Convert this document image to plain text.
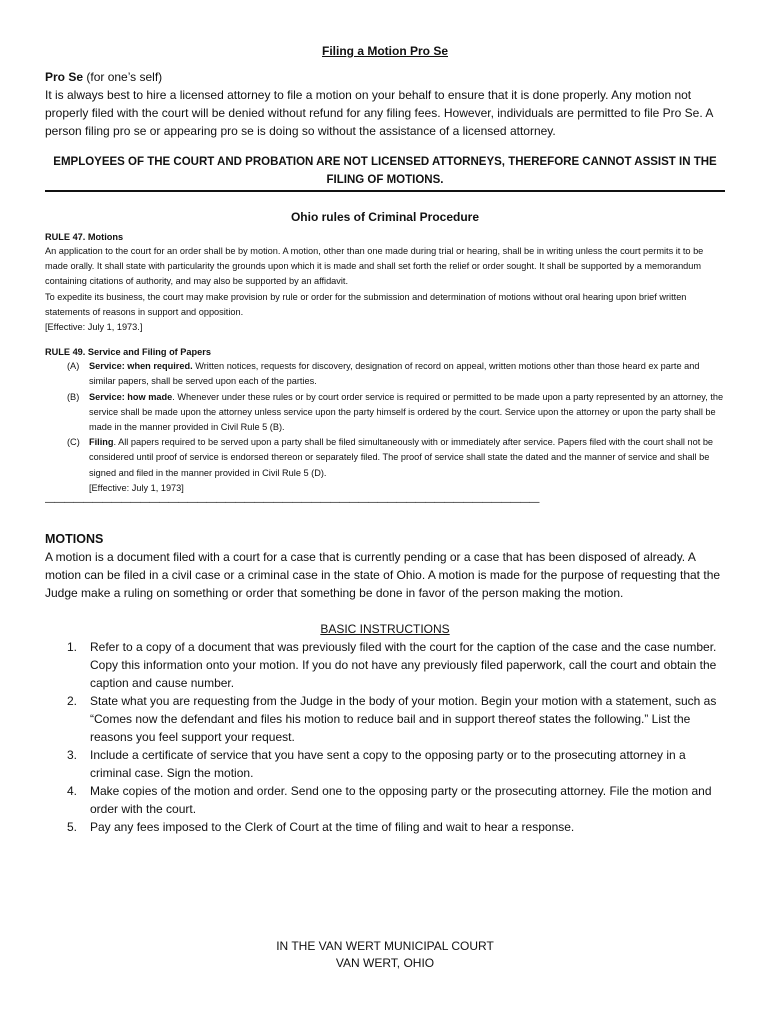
Filing a Motion Pro Se
Pro Se (for one’s self)
It is always best to hire a licensed attorney to file a motion on your behalf to ensure that it is done properly. Any motion not properly filed with the court will be denied without refund for any filing fees. However, individuals are permitted to file Pro Se. A person filing pro se or appearing pro se is doing so without the assistance of a licensed attorney.
EMPLOYEES OF THE COURT AND PROBATION ARE NOT LICENSED ATTORNEYS, THEREFORE CANNOT ASSIST IN THE FILING OF MOTIONS.
Ohio rules of Criminal Procedure
RULE 47. Motions
An application to the court for an order shall be by motion. A motion, other than one made during trial or hearing, shall be in writing unless the court permits it to be made orally. It shall state with particularity the grounds upon which it is made and shall set forth the relief or order sought. It shall be supported by a memorandum containing citations of authority, and may also be supported by an affidavit.
To expedite its business, the court may make provision by rule or order for the submission and determination of motions without oral hearing upon brief written statements of reasons in support and opposition.
[Effective: July 1, 1973.]
RULE 49. Service and Filing of Papers
(A) Service: when required. Written notices, requests for discovery, designation of record on appeal, written motions other than those heard ex parte and similar papers, shall be served upon each of the parties.
(B) Service: how made. Whenever under these rules or by court order service is required or permitted to be made upon a party represented by an attorney, the service shall be made upon the attorney unless service upon the party himself is ordered by the court. Service upon the attorney or upon the party shall be made in the manner provided in Civil Rule 5 (B).
(C) Filing. All papers required to be served upon a party shall be filed simultaneously with or immediately after service. Papers filed with the court shall not be considered until proof of service is endorsed thereon or separately filed. The proof of service shall state the dated and the manner of service and shall be signed and filed in the manner provided in Civil Rule 5 (D).
[Effective: July 1, 1973]
————————————————————————————————————————————————————
MOTIONS
A motion is a document filed with a court for a case that is currently pending or a case that has been disposed of already. A motion can be filed in a civil case or a criminal case in the state of Ohio. A motion is made for the purpose of requesting that the Judge make a ruling on something or order that something be done in favor of the person making the motion.
BASIC INSTRUCTIONS
1. Refer to a copy of a document that was previously filed with the court for the caption of the case and the case number. Copy this information onto your motion. If you do not have any previously filed paperwork, call the court and obtain the caption and cause number.
2. State what you are requesting from the Judge in the body of your motion. Begin your motion with a statement, such as “Comes now the defendant and files his motion to reduce bail and in support thereof states the following.” List the reasons you feel support your request.
3. Include a certificate of service that you have sent a copy to the opposing party or to the prosecuting attorney in a criminal case. Sign the motion.
4. Make copies of the motion and order. Send one to the opposing party or the prosecuting attorney. File the motion and order with the court.
5. Pay any fees imposed to the Clerk of Court at the time of filing and wait to hear a response.
IN THE VAN WERT MUNICIPAL COURT
VAN WERT, OHIO
